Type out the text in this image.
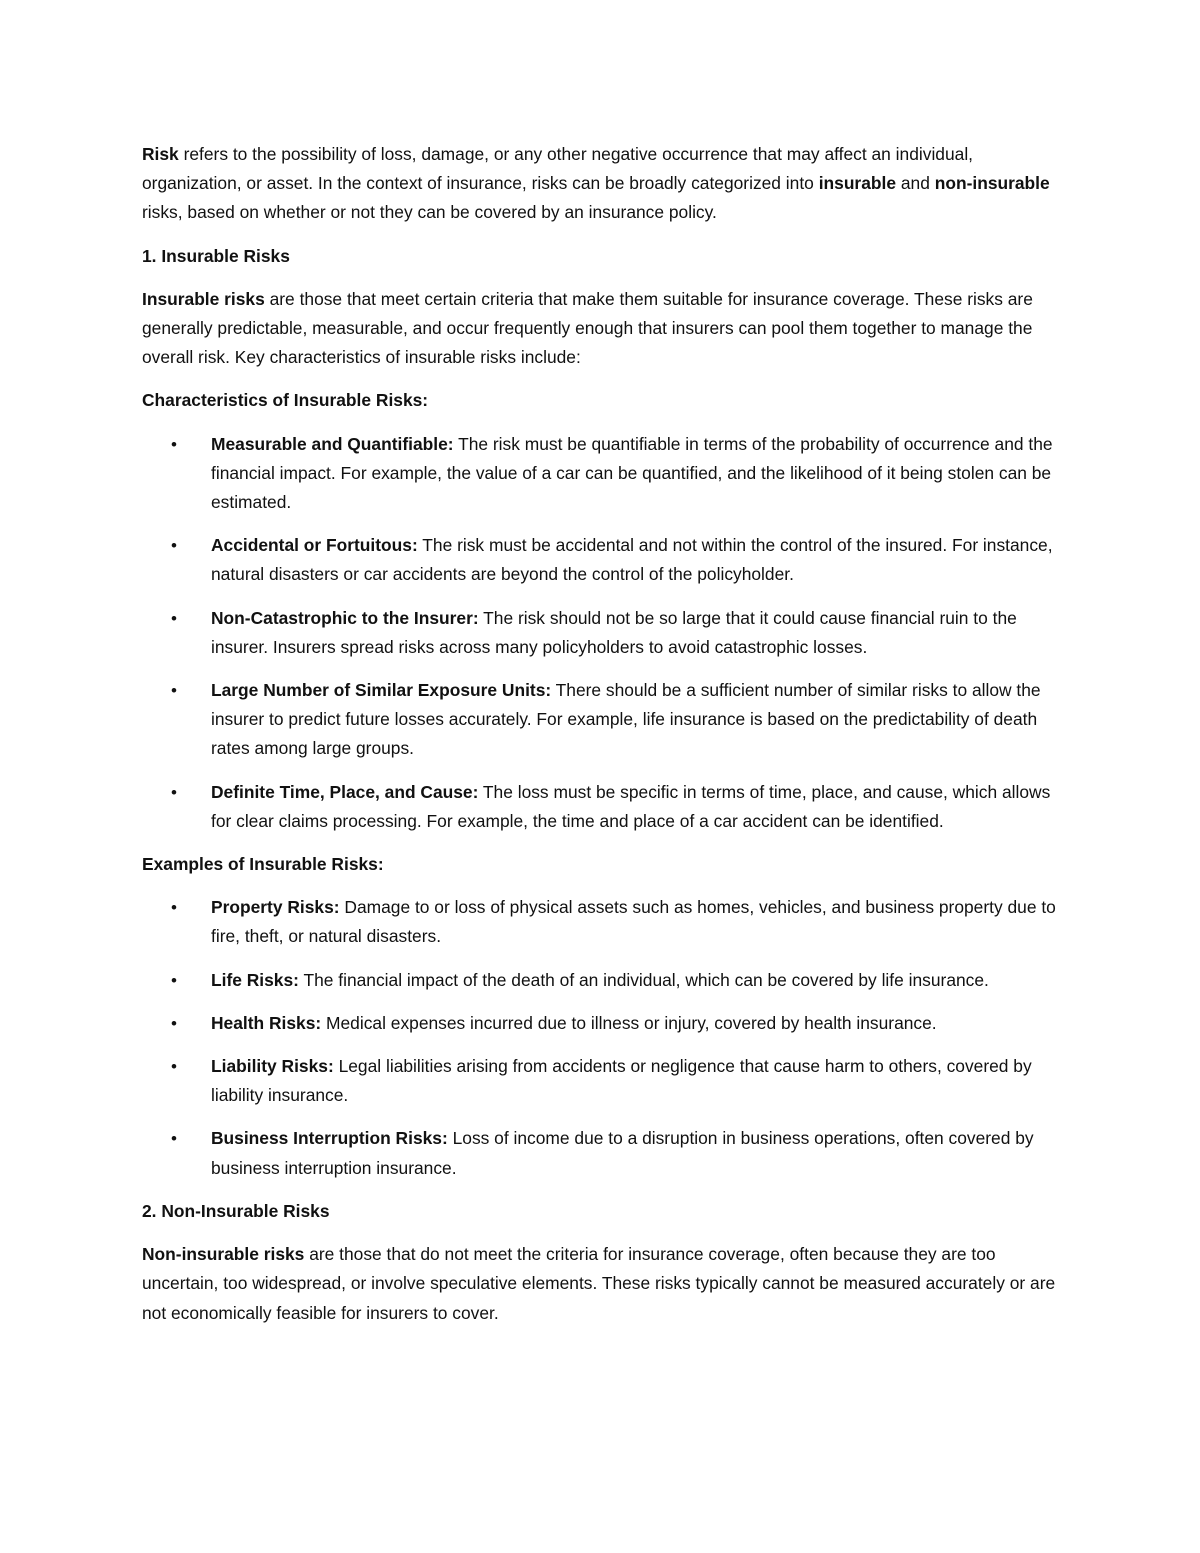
Risk refers to the possibility of loss, damage, or any other negative occurrence that may affect an individual, organization, or asset. In the context of insurance, risks can be broadly categorized into insurable and non-insurable risks, based on whether or not they can be covered by an insurance policy.

1. Insurable Risks

Insurable risks are those that meet certain criteria that make them suitable for insurance coverage. These risks are generally predictable, measurable, and occur frequently enough that insurers can pool them together to manage the overall risk. Key characteristics of insurable risks include:

Characteristics of Insurable Risks:

• Measurable and Quantifiable: The risk must be quantifiable in terms of the probability of occurrence and the financial impact. For example, the value of a car can be quantified, and the likelihood of it being stolen can be estimated.
• Accidental or Fortuitous: The risk must be accidental and not within the control of the insured. For instance, natural disasters or car accidents are beyond the control of the policyholder.
• Non-Catastrophic to the Insurer: The risk should not be so large that it could cause financial ruin to the insurer. Insurers spread risks across many policyholders to avoid catastrophic losses.
• Large Number of Similar Exposure Units: There should be a sufficient number of similar risks to allow the insurer to predict future losses accurately. For example, life insurance is based on the predictability of death rates among large groups.
• Definite Time, Place, and Cause: The loss must be specific in terms of time, place, and cause, which allows for clear claims processing. For example, the time and place of a car accident can be identified.

Examples of Insurable Risks:

• Property Risks: Damage to or loss of physical assets such as homes, vehicles, and business property due to fire, theft, or natural disasters.
• Life Risks: The financial impact of the death of an individual, which can be covered by life insurance.
• Health Risks: Medical expenses incurred due to illness or injury, covered by health insurance.
• Liability Risks: Legal liabilities arising from accidents or negligence that cause harm to others, covered by liability insurance.
• Business Interruption Risks: Loss of income due to a disruption in business operations, often covered by business interruption insurance.

2. Non-Insurable Risks

Non-insurable risks are those that do not meet the criteria for insurance coverage, often because they are too uncertain, too widespread, or involve speculative elements. These risks typically cannot be measured accurately or are not economically feasible for insurers to cover.
